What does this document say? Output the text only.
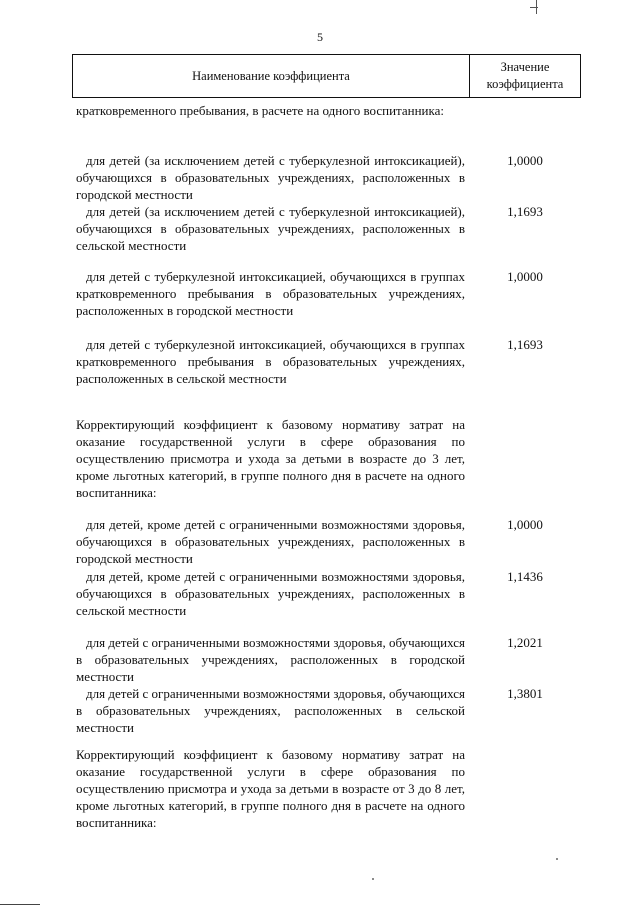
5
Наименование коэффициента
Значение
коэффициента
кратковременного пребывания, в расчете на одного воспитанника:
для детей (за исключением детей с туберкулезной интоксикацией), обучающихся в образовательных учреждениях, расположенных в городской местности
1,0000
для детей (за исключением детей с туберкулезной интоксикацией), обучающихся в образовательных учреждениях, расположенных в сельской местности
1,1693
для детей с туберкулезной интоксикацией, обучающихся в группах кратковременного пребывания в образовательных учреждениях, расположенных в городской местности
1,0000
для детей с туберкулезной интоксикацией, обучающихся в группах кратковременного пребывания в образовательных учреждениях, расположенных в сельской местности
1,1693
Корректирующий коэффициент к базовому нормативу затрат на оказание государственной услуги в сфере образования по осуществлению присмотра и ухода за детьми в возрасте до 3 лет, кроме льготных категорий, в группе полного дня в расчете на одного воспитанника:
для детей, кроме детей с ограниченными возможностями здоровья, обучающихся в образовательных учреждениях, расположенных в городской местности
1,0000
для детей, кроме детей с ограниченными возможностями здоровья, обучающихся в образовательных учреждениях, расположенных в сельской местности
1,1436
для детей с ограниченными возможностями здоровья, обучающихся в образовательных учреждениях, расположенных в городской местности
1,2021
для детей с ограниченными возможностями здоровья, обучающихся в образовательных учреждениях, расположенных в сельской местности
1,3801
Корректирующий коэффициент к базовому нормативу затрат на оказание государственной услуги в сфере образования по осуществлению присмотра и ухода за детьми в возрасте от 3 до 8 лет, кроме льготных категорий, в группе полного дня в расчете на одного воспитанника:
